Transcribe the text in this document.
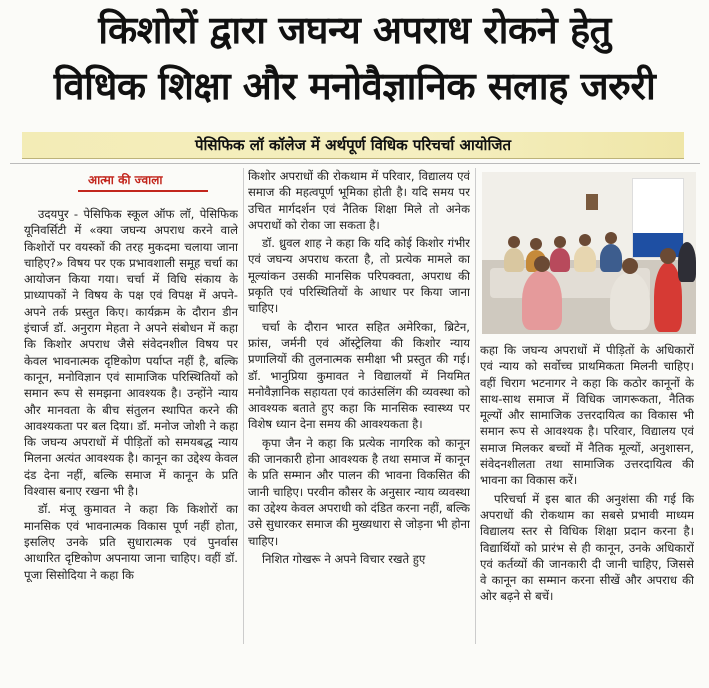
किशोरों द्वारा जघन्य अपराध रोकने हेतु
विधिक शिक्षा और मनोवैज्ञानिक सलाह जरुरी
पेसिफिक लॉ कॉलेज में अर्थपूर्ण विधिक परिचर्चा आयोजित
आत्मा की ज्वाला

उदयपुर - पेसिफिक स्कूल ऑफ लॉ, पेसिफिक यूनिवर्सिटी में «क्या जघन्य अपराध करने वाले किशोरों पर वयस्कों की तरह मुकदमा चलाया जाना चाहिए?» विषय पर एक प्रभावशाली समूह चर्चा का आयोजन किया गया। चर्चा में विधि संकाय के प्राध्यापकों ने विषय के पक्ष एवं विपक्ष में अपने-अपने तर्क प्रस्तुत किए। कार्यक्रम के दौरान डीन इंचार्ज डॉ. अनुराग मेहता ने अपने संबोधन में कहा कि किशोर अपराध जैसे संवेदनशील विषय पर केवल भावनात्मक दृष्टिकोण पर्याप्त नहीं है, बल्कि कानून, मनोविज्ञान एवं सामाजिक परिस्थितियों को समान रूप से समझना आवश्यक है। उन्होंने न्याय और मानवता के बीच संतुलन स्थापित करने की आवश्यकता पर बल दिया। डॉ. मनोज जोशी ने कहा कि जघन्य अपराधों में पीड़ितों को समयबद्ध न्याय मिलना अत्यंत आवश्यक है। कानून का उद्देश्य केवल दंड देना नहीं, बल्कि समाज में कानून के प्रति विश्वास बनाए रखना भी है।

डॉ. मंजू कुमावत ने कहा कि किशोरों का मानसिक एवं भावनात्मक विकास पूर्ण नहीं होता, इसलिए उनके प्रति सुधारात्मक एवं पुनर्वास आधारित दृष्टिकोण अपनाया जाना चाहिए। वहीं डॉ. पूजा सिसोदिया ने कहा कि

किशोर अपराधों की रोकथाम में परिवार, विद्यालय एवं समाज की महत्वपूर्ण भूमिका होती है। यदि समय पर उचित मार्गदर्शन एवं नैतिक शिक्षा मिले तो अनेक अपराधों को रोका जा सकता है।

डॉ. ध्रुवल शाह ने कहा कि यदि कोई किशोर गंभीर एवं जघन्य अपराध करता है, तो प्रत्येक मामले का मूल्यांकन उसकी मानसिक परिपक्वता, अपराध की प्रकृति एवं परिस्थितियों के आधार पर किया जाना चाहिए।

चर्चा के दौरान भारत सहित अमेरिका, ब्रिटेन, फ्रांस, जर्मनी एवं ऑस्ट्रेलिया की किशोर न्याय प्रणालियों की तुलनात्मक समीक्षा भी प्रस्तुत की गई। डॉ. भानुप्रिया कुमावत ने विद्यालयों में नियमित मनोवैज्ञानिक सहायता एवं काउंसलिंग की व्यवस्था को आवश्यक बताते हुए कहा कि मानसिक स्वास्थ्य पर विशेष ध्यान देना समय की आवश्यकता है।

कृपा जैन ने कहा कि प्रत्येक नागरिक को कानून की जानकारी होना आवश्यक है तथा समाज में कानून के प्रति सम्मान और पालन की भावना विकसित की जानी चाहिए। परवीन कौसर के अनुसार न्याय व्यवस्था का उद्देश्य केवल अपराधी को दंडित करना नहीं, बल्कि उसे सुधारकर समाज की मुख्यधारा से जोड़ना भी होना चाहिए।

निशित गोखरू ने अपने विचार रखते हुए

कहा कि जघन्य अपराधों में पीड़ितों के अधिकारों एवं न्याय को सर्वोच्च प्राथमिकता मिलनी चाहिए। वहीं चिराग भटनागर ने कहा कि कठोर कानूनों के साथ-साथ समाज में विधिक जागरूकता, नैतिक मूल्यों और सामाजिक उत्तरदायित्व का विकास भी समान रूप से आवश्यक है। परिवार, विद्यालय एवं समाज मिलकर बच्चों में नैतिक मूल्यों, अनुशासन, संवेदनशीलता तथा सामाजिक उत्तरदायित्व की भावना का विकास करें।

परिचर्चा में इस बात की अनुशंसा की गई कि अपराधों की रोकथाम का सबसे प्रभावी माध्यम विद्यालय स्तर से विधिक शिक्षा प्रदान करना है। विद्यार्थियों को प्रारंभ से ही कानून, उनके अधिकारों एवं कर्तव्यों की जानकारी दी जानी चाहिए, जिससे वे कानून का सम्मान करना सीखें और अपराध की ओर बढ़ने से बचें।
